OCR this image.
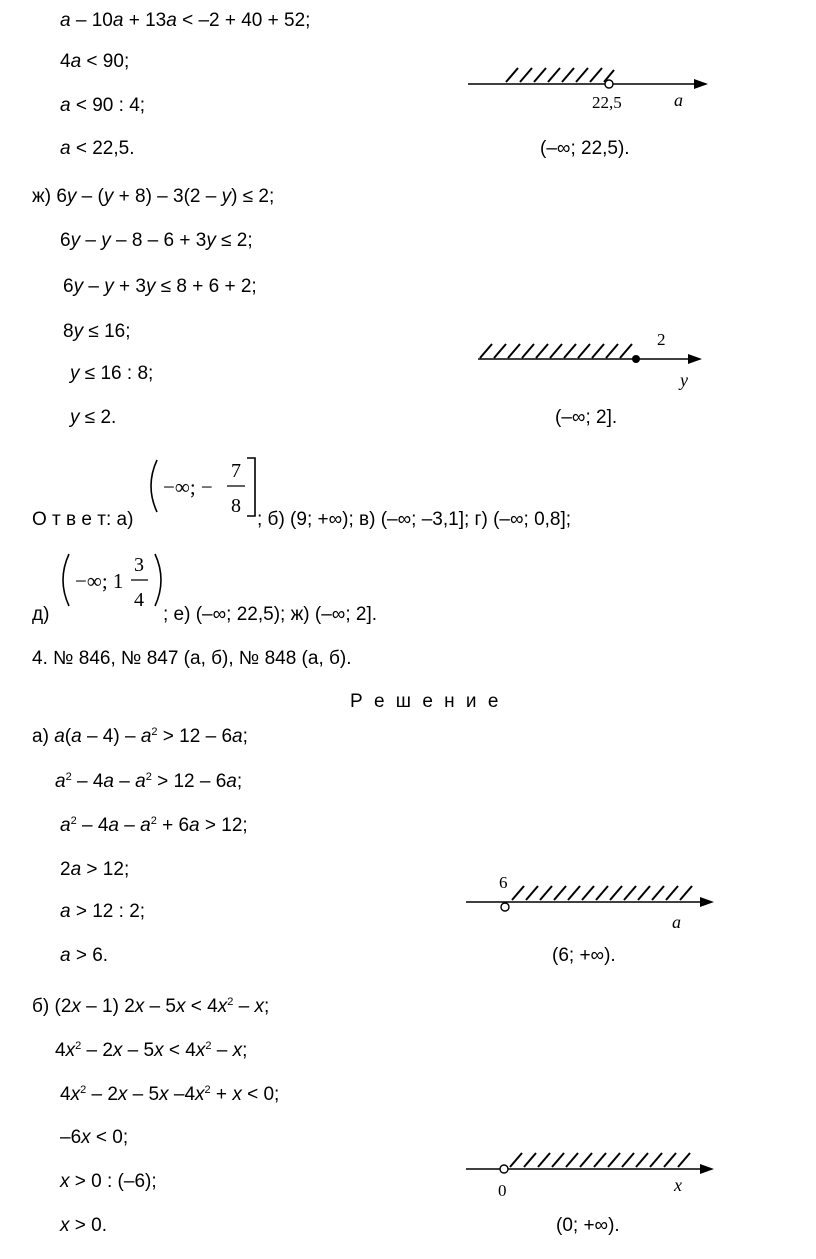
а – 10а + 13а < –2 + 40 + 52;
4а < 90;
а < 90 : 4;
а < 22,5.
22,5	a
(–∞; 22,5).
ж) 6у – (у + 8) – 3(2 – у) ≤ 2;
6у – у – 8 – 6 + 3у ≤ 2;
6у – у + 3у ≤ 8 + 6 + 2;
8у ≤ 16;
у ≤ 16 : 8;
у ≤ 2.
2
y
(–∞; 2].
О т в е т: а)
−∞; −
7
8
; б) (9; +∞); в) (–∞; –3,1]; г) (–∞; 0,8];
д)
−∞; 1
3
4
; е) (–∞; 22,5); ж) (–∞; 2].
4. № 846, № 847 (а, б), № 848 (а, б).
Р е ш е н и е
а) $а(а - 4) - а^2 > 12 - 6а$;
$а^2 - 4а - а^2 > 12 - 6а$;
$а^2 - 4а - а^2 + 6а > 12$;
2а > 12;
а > 12 : 2;
а > 6.
6
a
(6; +∞).
б) (2х – 1) $2х - 5х < 4х^2 - х$;
$4х^2 - 2х - 5х < 4х^2 - х$;
$4х^2 - 2х - 5х$ $-4х^2 + х < 0$;
–6х < 0;
х > 0 : (–6);
х > 0.
0	x
(0; +∞).
